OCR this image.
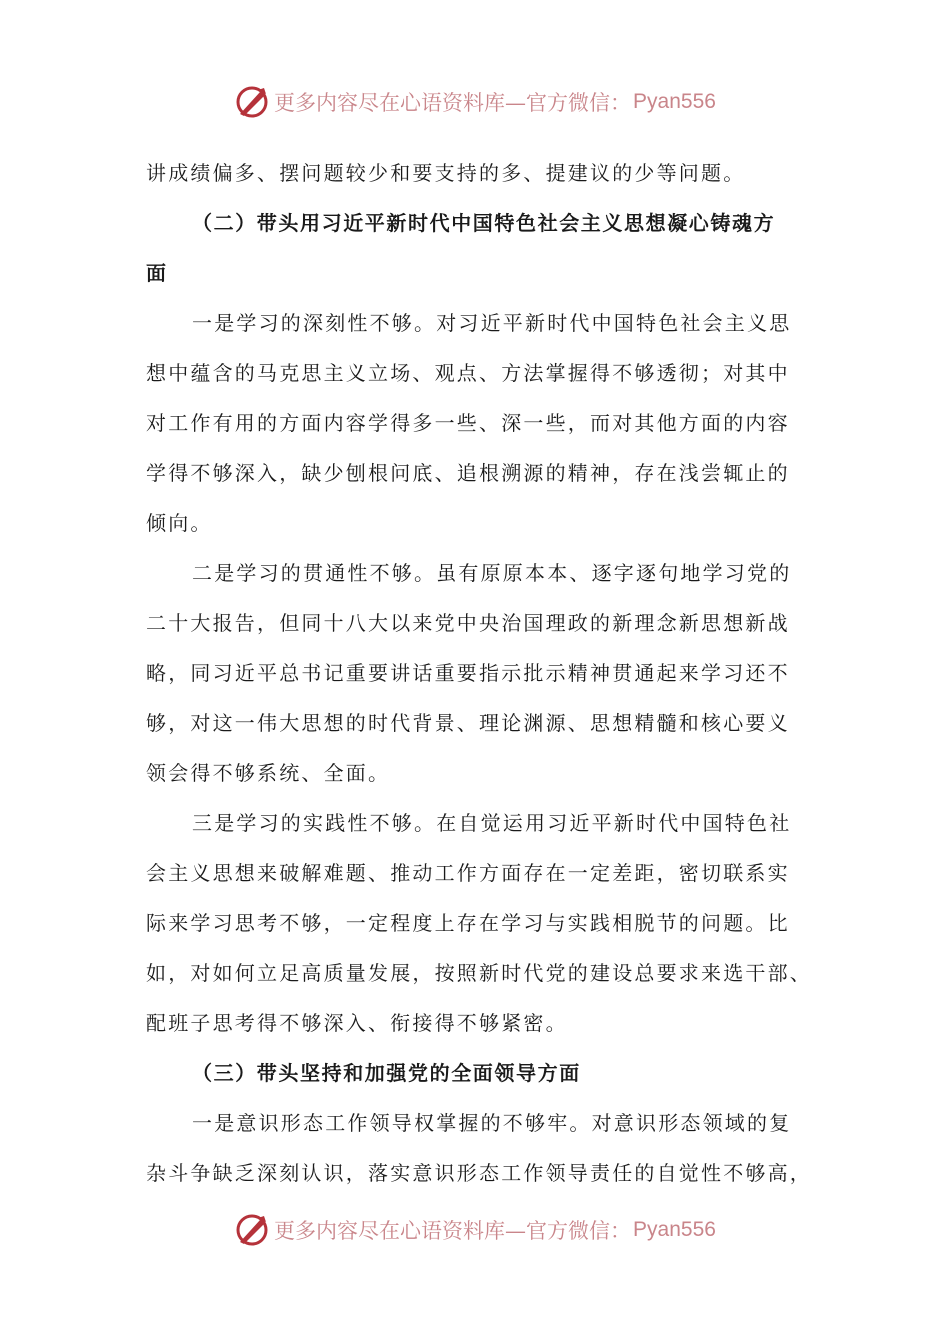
更多内容尽在心语资料库—官方微信： Pyan556
讲成绩偏多、摆问题较少和要支持的多、提建议的少等问题。
（二）带头用习近平新时代中国特色社会主义思想凝心铸魂方
面
一是学习的深刻性不够。对习近平新时代中国特色社会主义思
想中蕴含的马克思主义立场、观点、方法掌握得不够透彻；对其中
对工作有用的方面内容学得多一些、深一些，而对其他方面的内容
学得不够深入，缺少刨根问底、追根溯源的精神，存在浅尝辄止的
倾向。
二是学习的贯通性不够。虽有原原本本、逐字逐句地学习党的
二十大报告，但同十八大以来党中央治国理政的新理念新思想新战
略，同习近平总书记重要讲话重要指示批示精神贯通起来学习还不
够，对这一伟大思想的时代背景、理论渊源、思想精髓和核心要义
领会得不够系统、全面。
三是学习的实践性不够。在自觉运用习近平新时代中国特色社
会主义思想来破解难题、推动工作方面存在一定差距，密切联系实
际来学习思考不够，一定程度上存在学习与实践相脱节的问题。比
如，对如何立足高质量发展，按照新时代党的建设总要求来选干部、
配班子思考得不够深入、衔接得不够紧密。
（三）带头坚持和加强党的全面领导方面
一是意识形态工作领导权掌握的不够牢。对意识形态领域的复
杂斗争缺乏深刻认识，落实意识形态工作领导责任的自觉性不够高，
更多内容尽在心语资料库—官方微信： Pyan556
